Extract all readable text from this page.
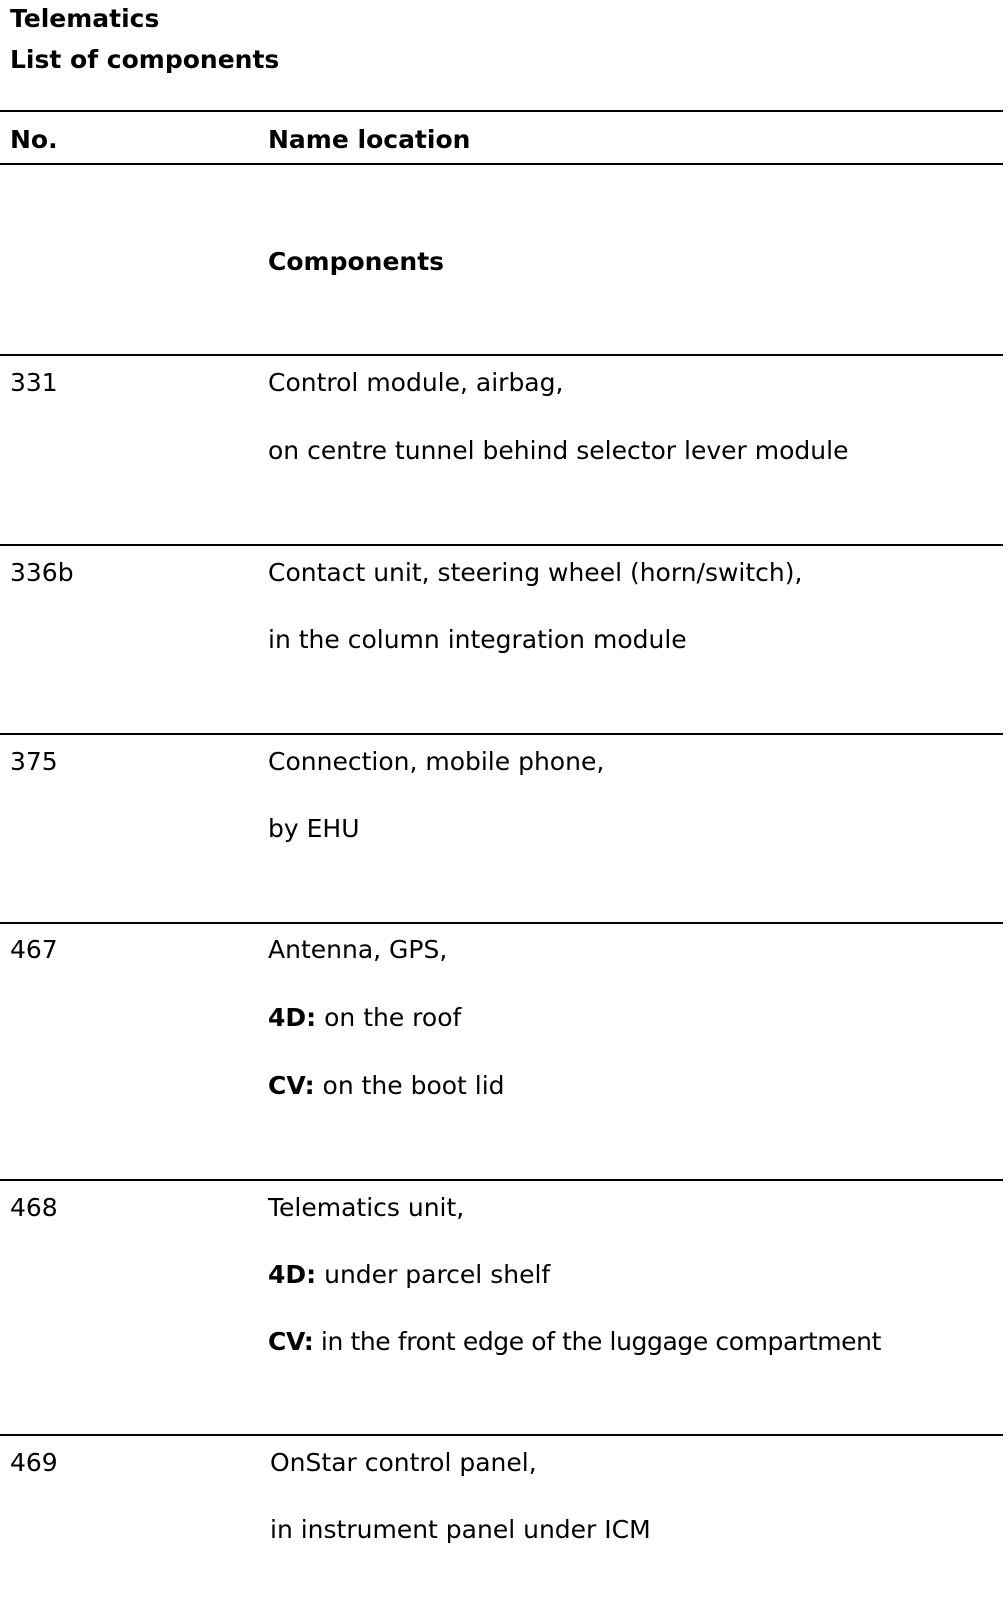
Telematics
List of components
No.	Name location
Components
331	Control module, airbag,
on centre tunnel behind selector lever module
336b	Contact unit, steering wheel (horn/switch),
in the column integration module
375	Connection, mobile phone,
by EHU
467	Antenna, GPS,
4D: on the roof
CV: on the boot lid
468	Telematics unit,
4D: under parcel shelf
CV: in the front edge of the luggage compartment
469	OnStar control panel,
in instrument panel under ICM
